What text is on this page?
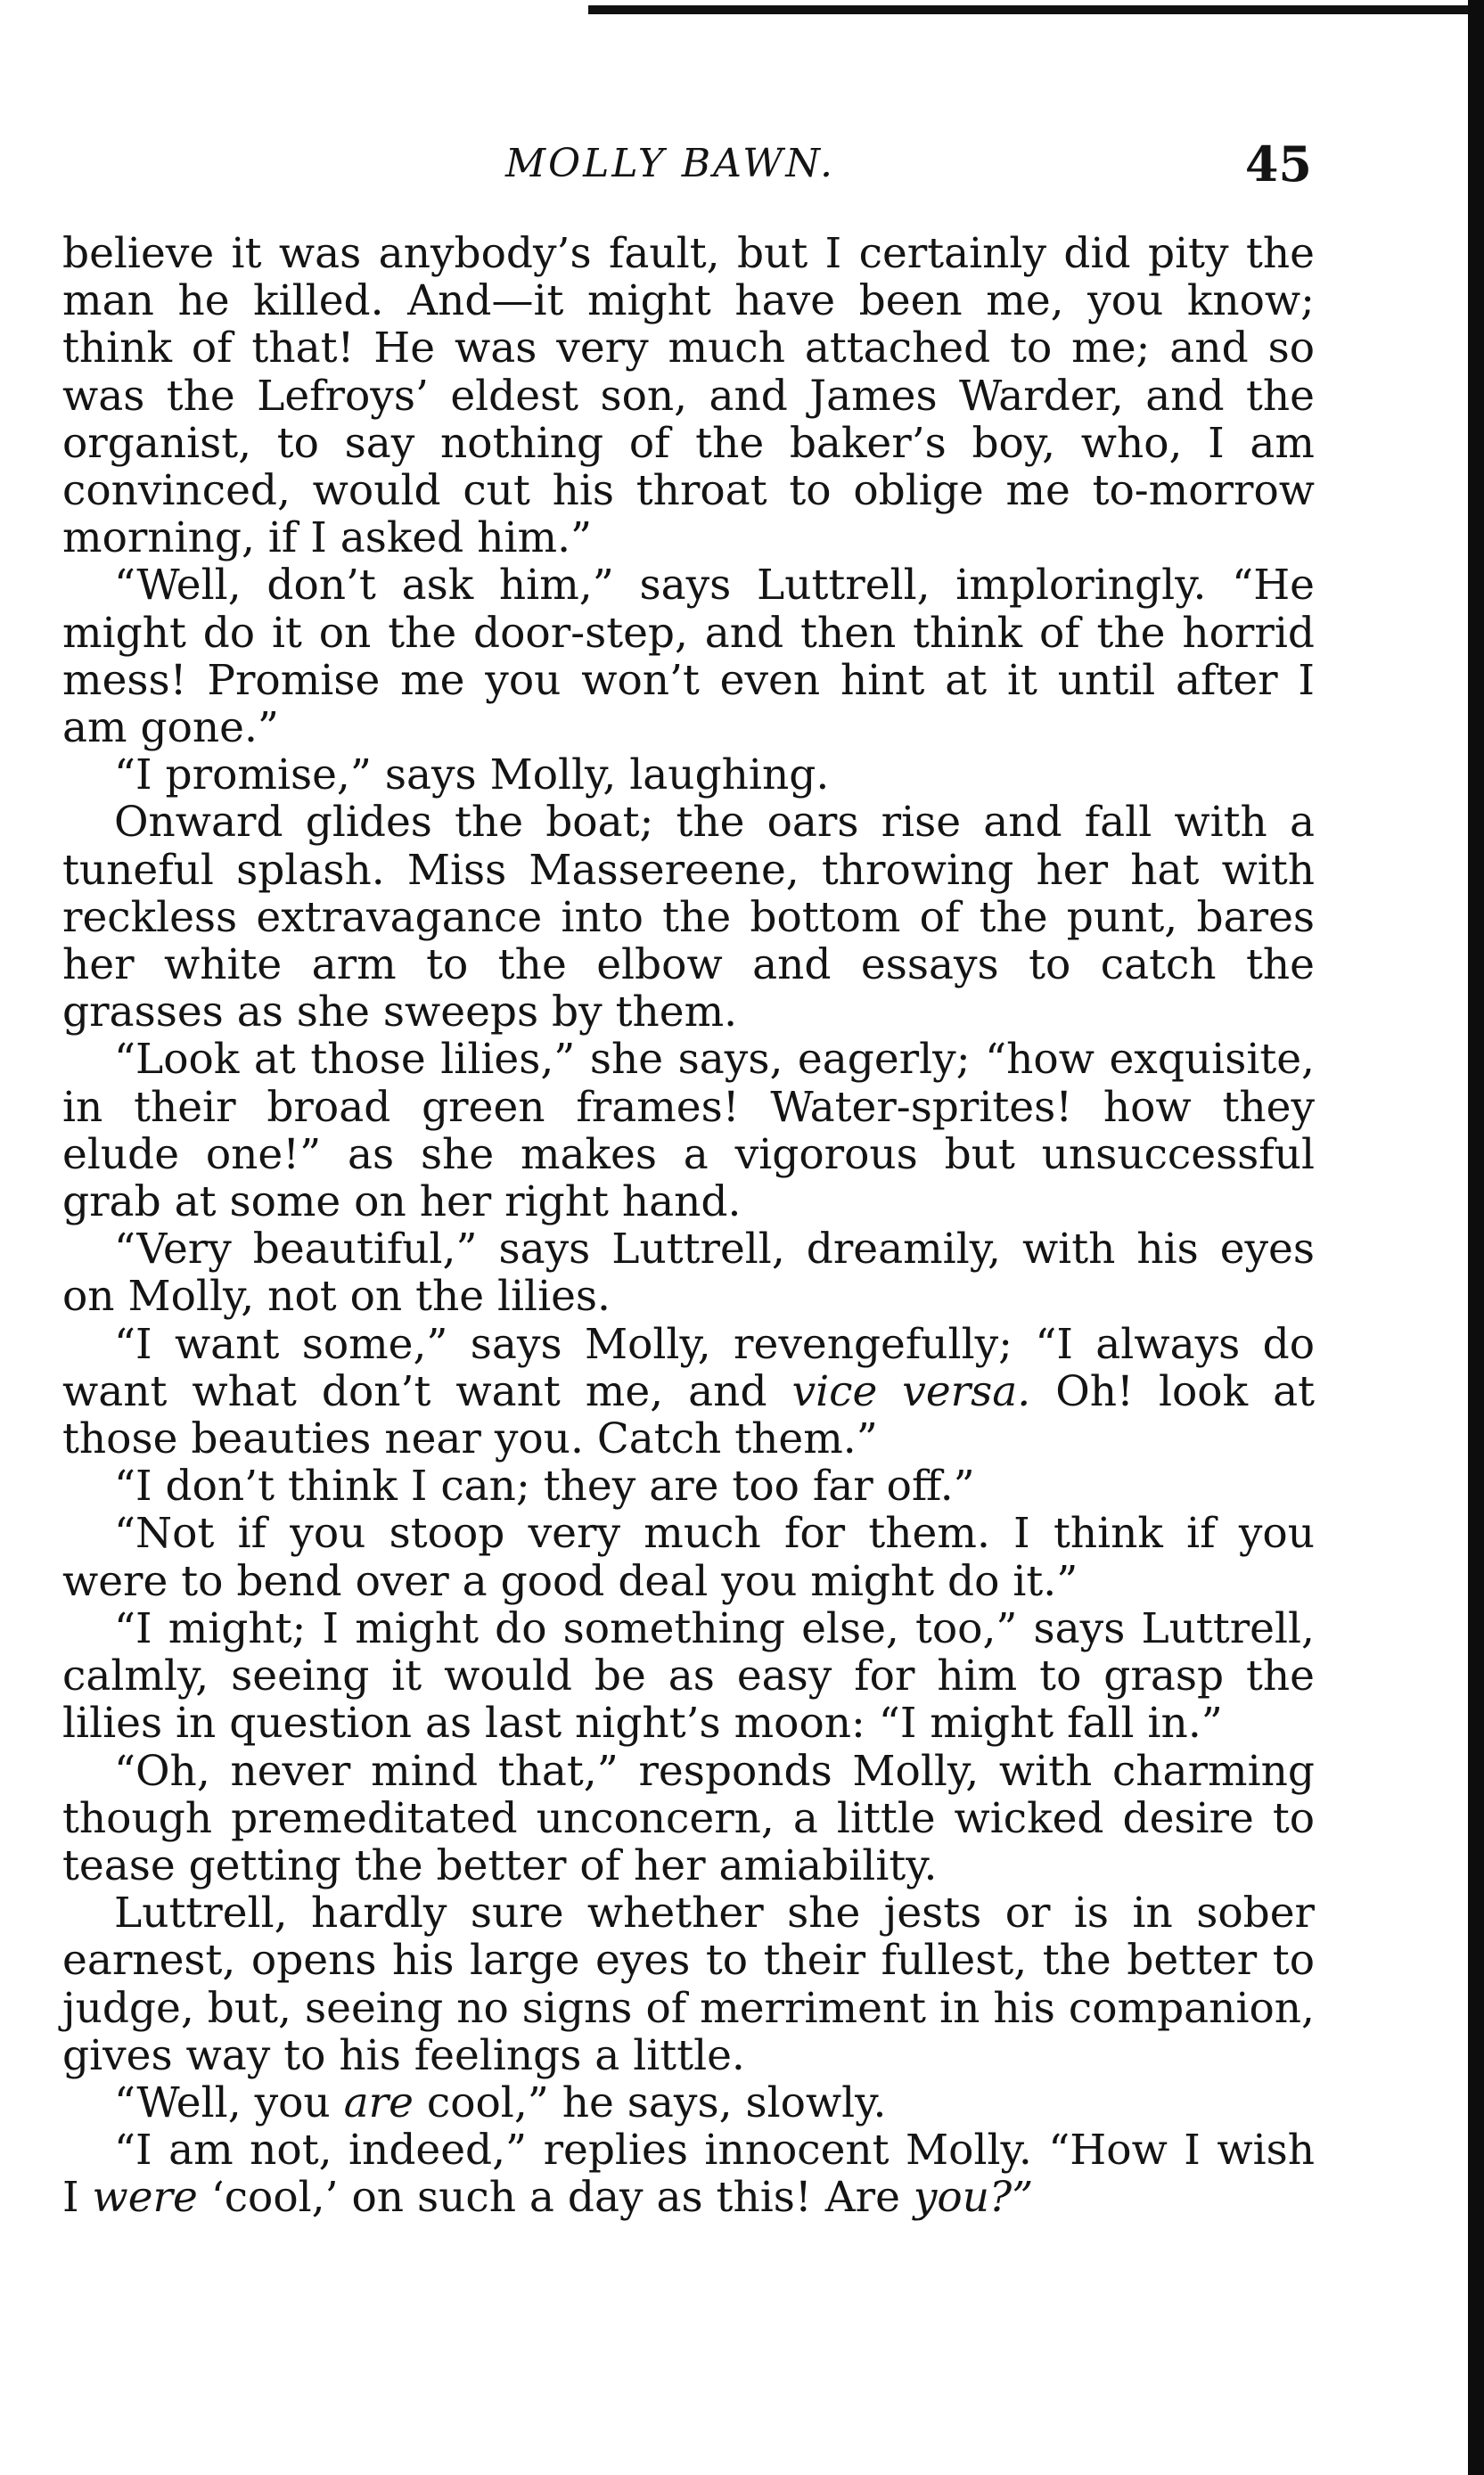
MOLLY BAWN.	45

believe it was anybody’s fault, but I certainly did pity the man he killed. And—it might have been me, you know; think of that! He was very much attached to me; and so was the Lefroys’ eldest son, and James Warder, and the organist, to say nothing of the baker’s boy, who, I am convinced, would cut his throat to oblige me to-morrow morning, if I asked him.”

“Well, don’t ask him,” says Luttrell, imploringly. “He might do it on the door-step, and then think of the horrid mess! Promise me you won’t even hint at it until after I am gone.”

“I promise,” says Molly, laughing.

Onward glides the boat; the oars rise and fall with a tuneful splash. Miss Massereene, throwing her hat with reckless extravagance into the bottom of the punt, bares her white arm to the elbow and essays to catch the grasses as she sweeps by them.

“Look at those lilies,” she says, eagerly; “how exquisite, in their broad green frames! Water-sprites! how they elude one!” as she makes a vigorous but unsuccessful grab at some on her right hand.

“Very beautiful,” says Luttrell, dreamily, with his eyes on Molly, not on the lilies.

“I want some,” says Molly, revengefully; “I always do want what don’t want me, and vice versa. Oh! look at those beauties near you. Catch them.”

“I don’t think I can; they are too far off.”

“Not if you stoop very much for them. I think if you were to bend over a good deal you might do it.”

“I might; I might do something else, too,” says Luttrell, calmly, seeing it would be as easy for him to grasp the lilies in question as last night’s moon: “I might fall in.”

“Oh, never mind that,” responds Molly, with charming though premeditated unconcern, a little wicked desire to tease getting the better of her amiability.

Luttrell, hardly sure whether she jests or is in sober earnest, opens his large eyes to their fullest, the better to judge, but, seeing no signs of merriment in his companion, gives way to his feelings a little.

“Well, you are cool,” he says, slowly.

“I am not, indeed,” replies innocent Molly. “How I wish I were ‘cool,’ on such a day as this! Are you?”
